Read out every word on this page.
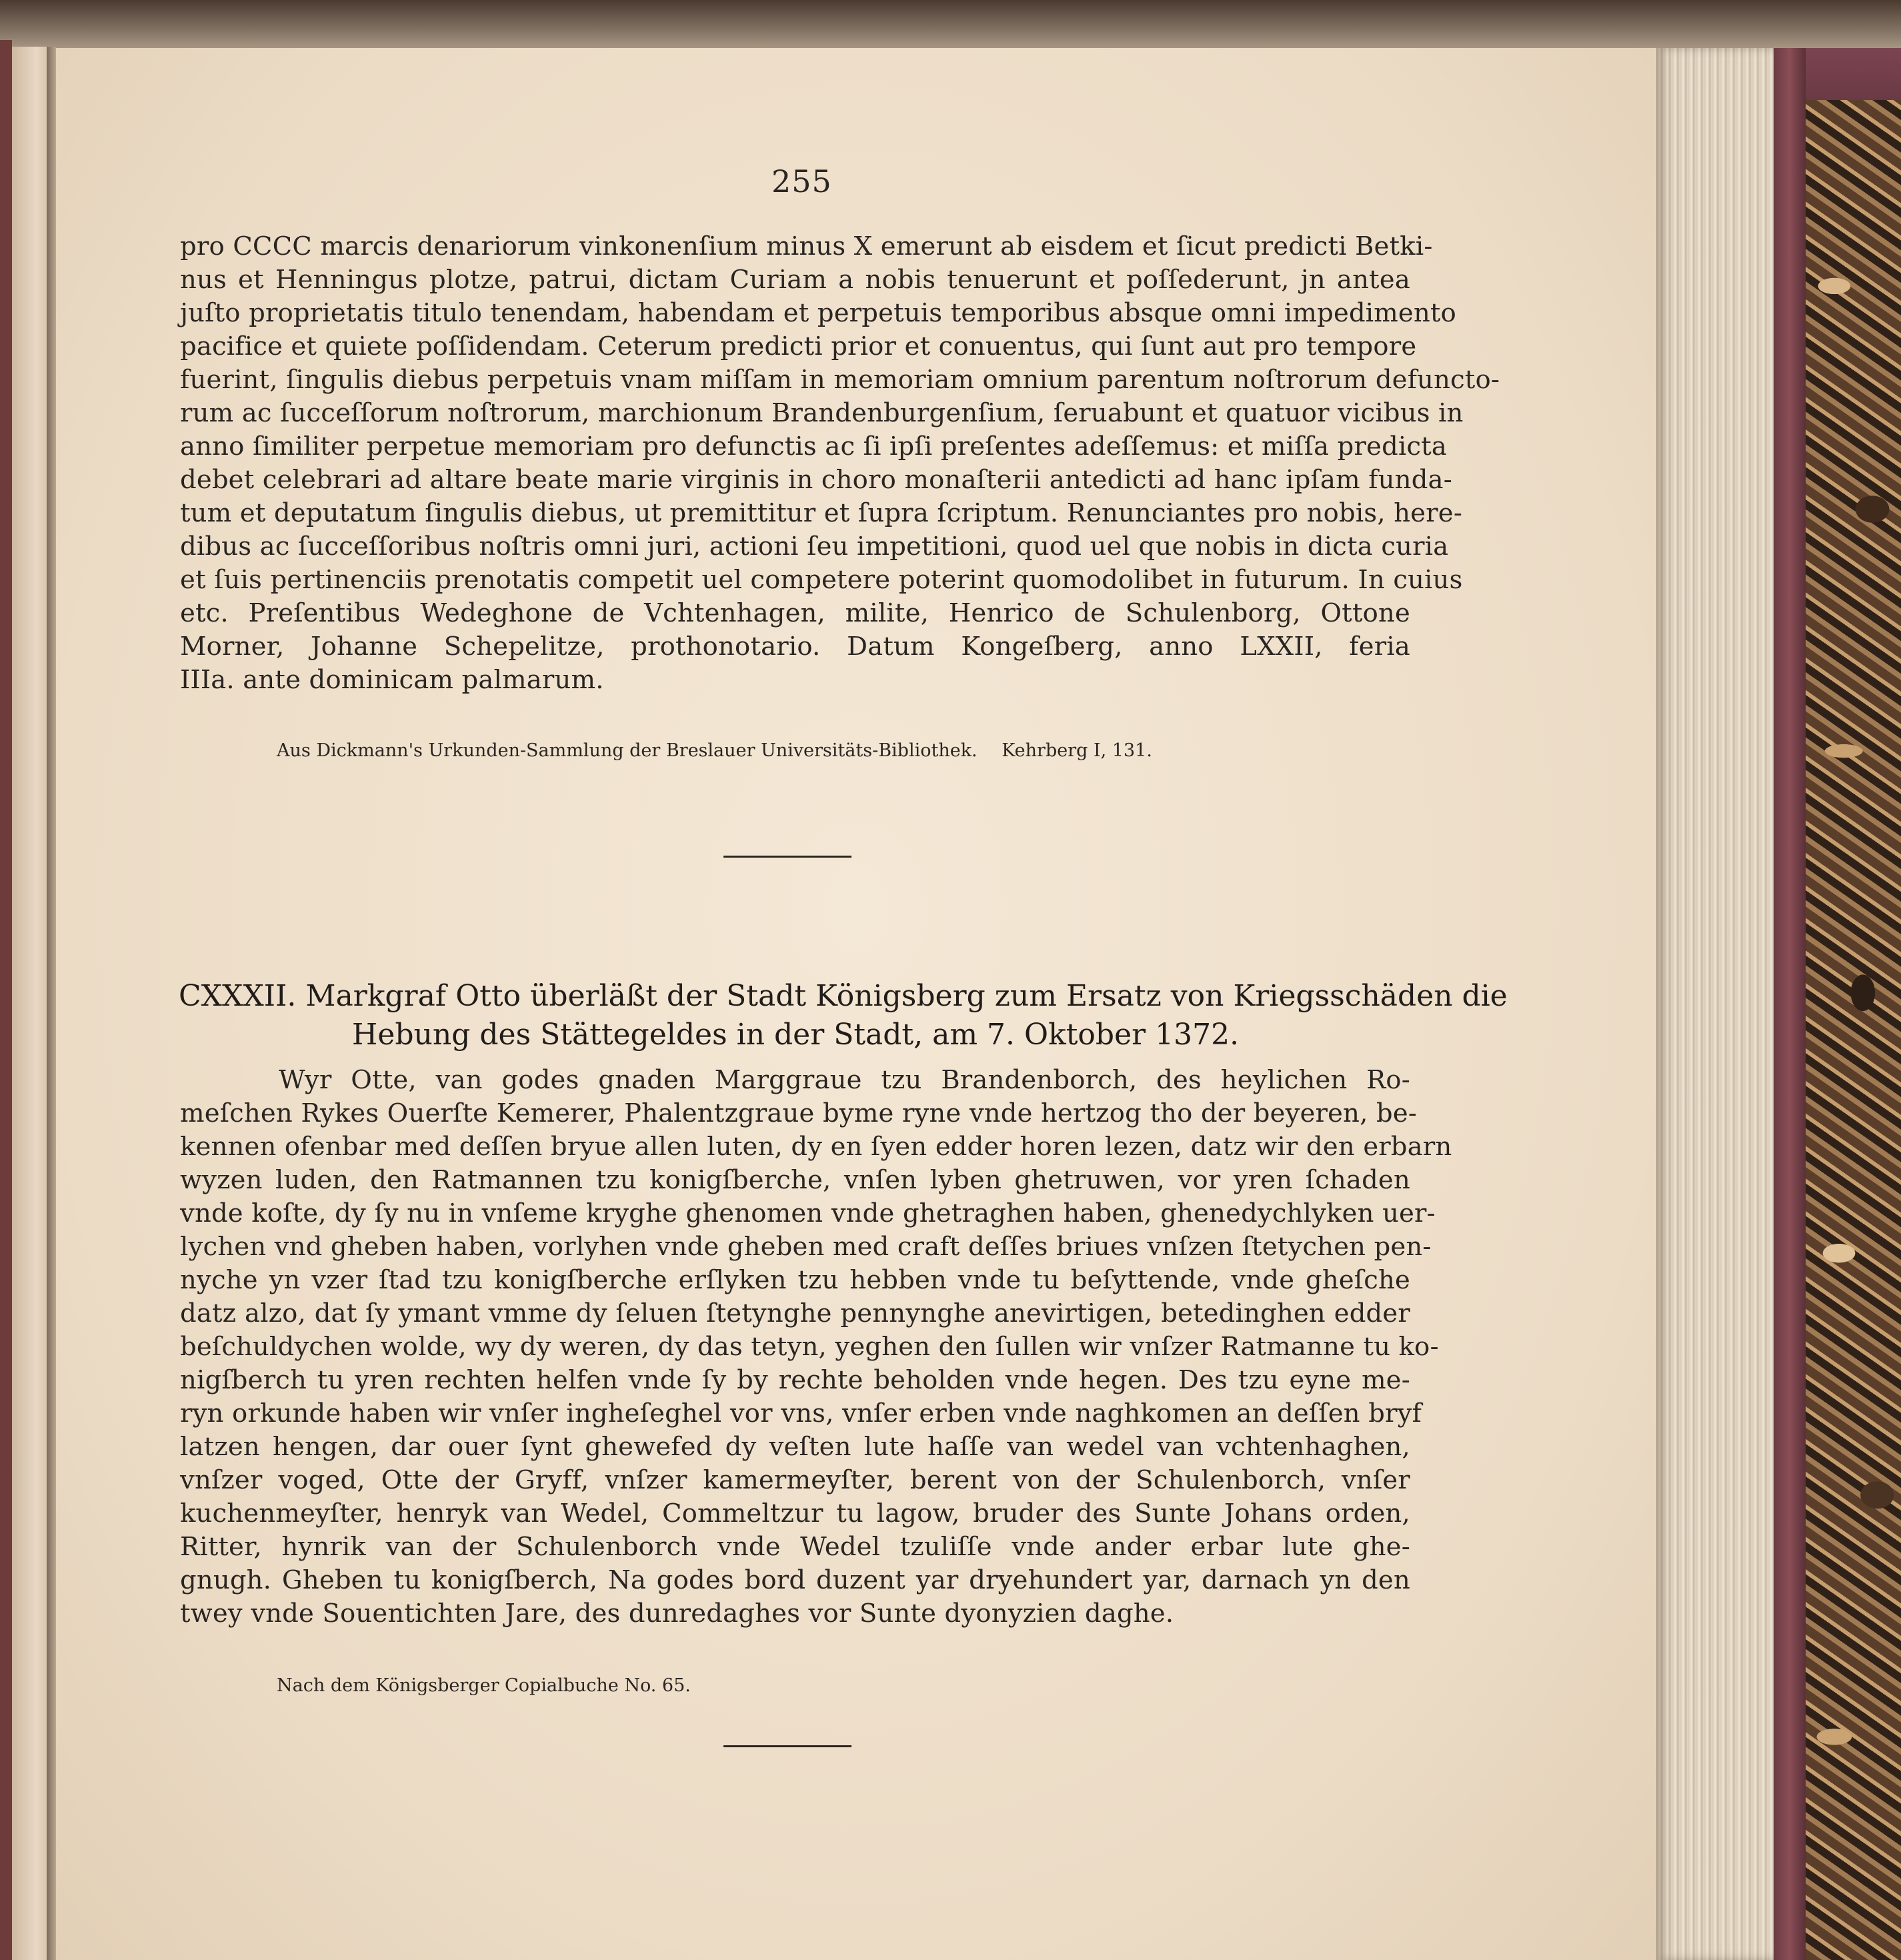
255
pro CCCC marcis denariorum vinkonenſium minus X emerunt ab eisdem et ſicut predicti Betki-
nus et Henningus plotze, patrui, dictam Curiam a nobis tenuerunt et poſſederunt, jn antea
juſto proprietatis titulo tenendam, habendam et perpetuis temporibus absque omni impedimento
pacifice et quiete poſſidendam. Ceterum predicti prior et conuentus, qui ſunt aut pro tempore
fuerint, ſingulis diebus perpetuis vnam miſſam in memoriam omnium parentum noſtrorum defuncto-
rum ac ſucceſſorum noſtrorum, marchionum Brandenburgenſium, ſeruabunt et quatuor vicibus in
anno ſimiliter perpetue memoriam pro defunctis ac ſi ipſi preſentes adeſſemus: et miſſa predicta
debet celebrari ad altare beate marie virginis in choro monaſterii antedicti ad hanc ipſam funda-
tum et deputatum ſingulis diebus, ut premittitur et ſupra ſcriptum. Renunciantes pro nobis, here-
dibus ac ſucceſſoribus noſtris omni juri, actioni ſeu impetitioni, quod uel que nobis in dicta curia
et ſuis pertinenciis prenotatis competit uel competere poterint quomodolibet in futurum. In cuius
etc. Preſentibus Wedeghone de Vchtenhagen, milite, Henrico de Schulenborg, Ottone
Morner, Johanne Schepelitze, prothonotario. Datum Kongeſberg, anno LXXII, feria
IIIa. ante dominicam palmarum.
Aus Dickmann's Urkunden-Sammlung der Breslauer Universitäts-Bibliothek. Kehrberg I, 131.
CXXXII. Markgraf Otto überläßt der Stadt Königsberg zum Ersatz von Kriegsschäden die
Hebung des Stättegeldes in der Stadt, am 7. Oktober 1372.
Wyr Otte, van godes gnaden Marggraue tzu Brandenborch, des heylichen Ro-
meſchen Rykes Ouerſte Kemerer, Phalentzgraue byme ryne vnde hertzog tho der beyeren, be-
kennen ofenbar med deſſen bryue allen luten, dy en ſyen edder horen lezen, datz wir den erbarn
wyzen luden, den Ratmannen tzu konigſberche, vnſen lyben ghetruwen, vor yren ſchaden
vnde koſte, dy ſy nu in vnſeme kryghe ghenomen vnde ghetraghen haben, ghenedychlyken uer-
lychen vnd gheben haben, vorlyhen vnde gheben med craft deſſes briues vnſzen ſtetychen pen-
nyche yn vzer ſtad tzu konigſberche erſlyken tzu hebben vnde tu beſyttende, vnde gheſche
datz alzo, dat ſy ymant vmme dy ſeluen ſtetynghe pennynghe anevirtigen, betedinghen edder
beſchuldychen wolde, wy dy weren, dy das tetyn, yeghen den ſullen wir vnſzer Ratmanne tu ko-
nigſberch tu yren rechten helfen vnde ſy by rechte beholden vnde hegen. Des tzu eyne me-
ryn orkunde haben wir vnſer ingheſeghel vor vns, vnſer erben vnde naghkomen an deſſen bryf
latzen hengen, dar ouer ſynt ghewefed dy veſten lute haſſe van wedel van vchtenhaghen,
vnſzer voged, Otte der Gryff, vnſzer kamermeyſter, berent von der Schulenborch, vnſer
kuchenmeyſter, henryk van Wedel, Commeltzur tu lagow, bruder des Sunte Johans orden,
Ritter, hynrik van der Schulenborch vnde Wedel tzuliſſe vnde ander erbar lute ghe-
gnugh. Gheben tu konigſberch, Na godes bord duzent yar dryehundert yar, darnach yn den
twey vnde Souentichten Jare, des dunredaghes vor Sunte dyonyzien daghe.
Nach dem Königsberger Copialbuche No. 65.
